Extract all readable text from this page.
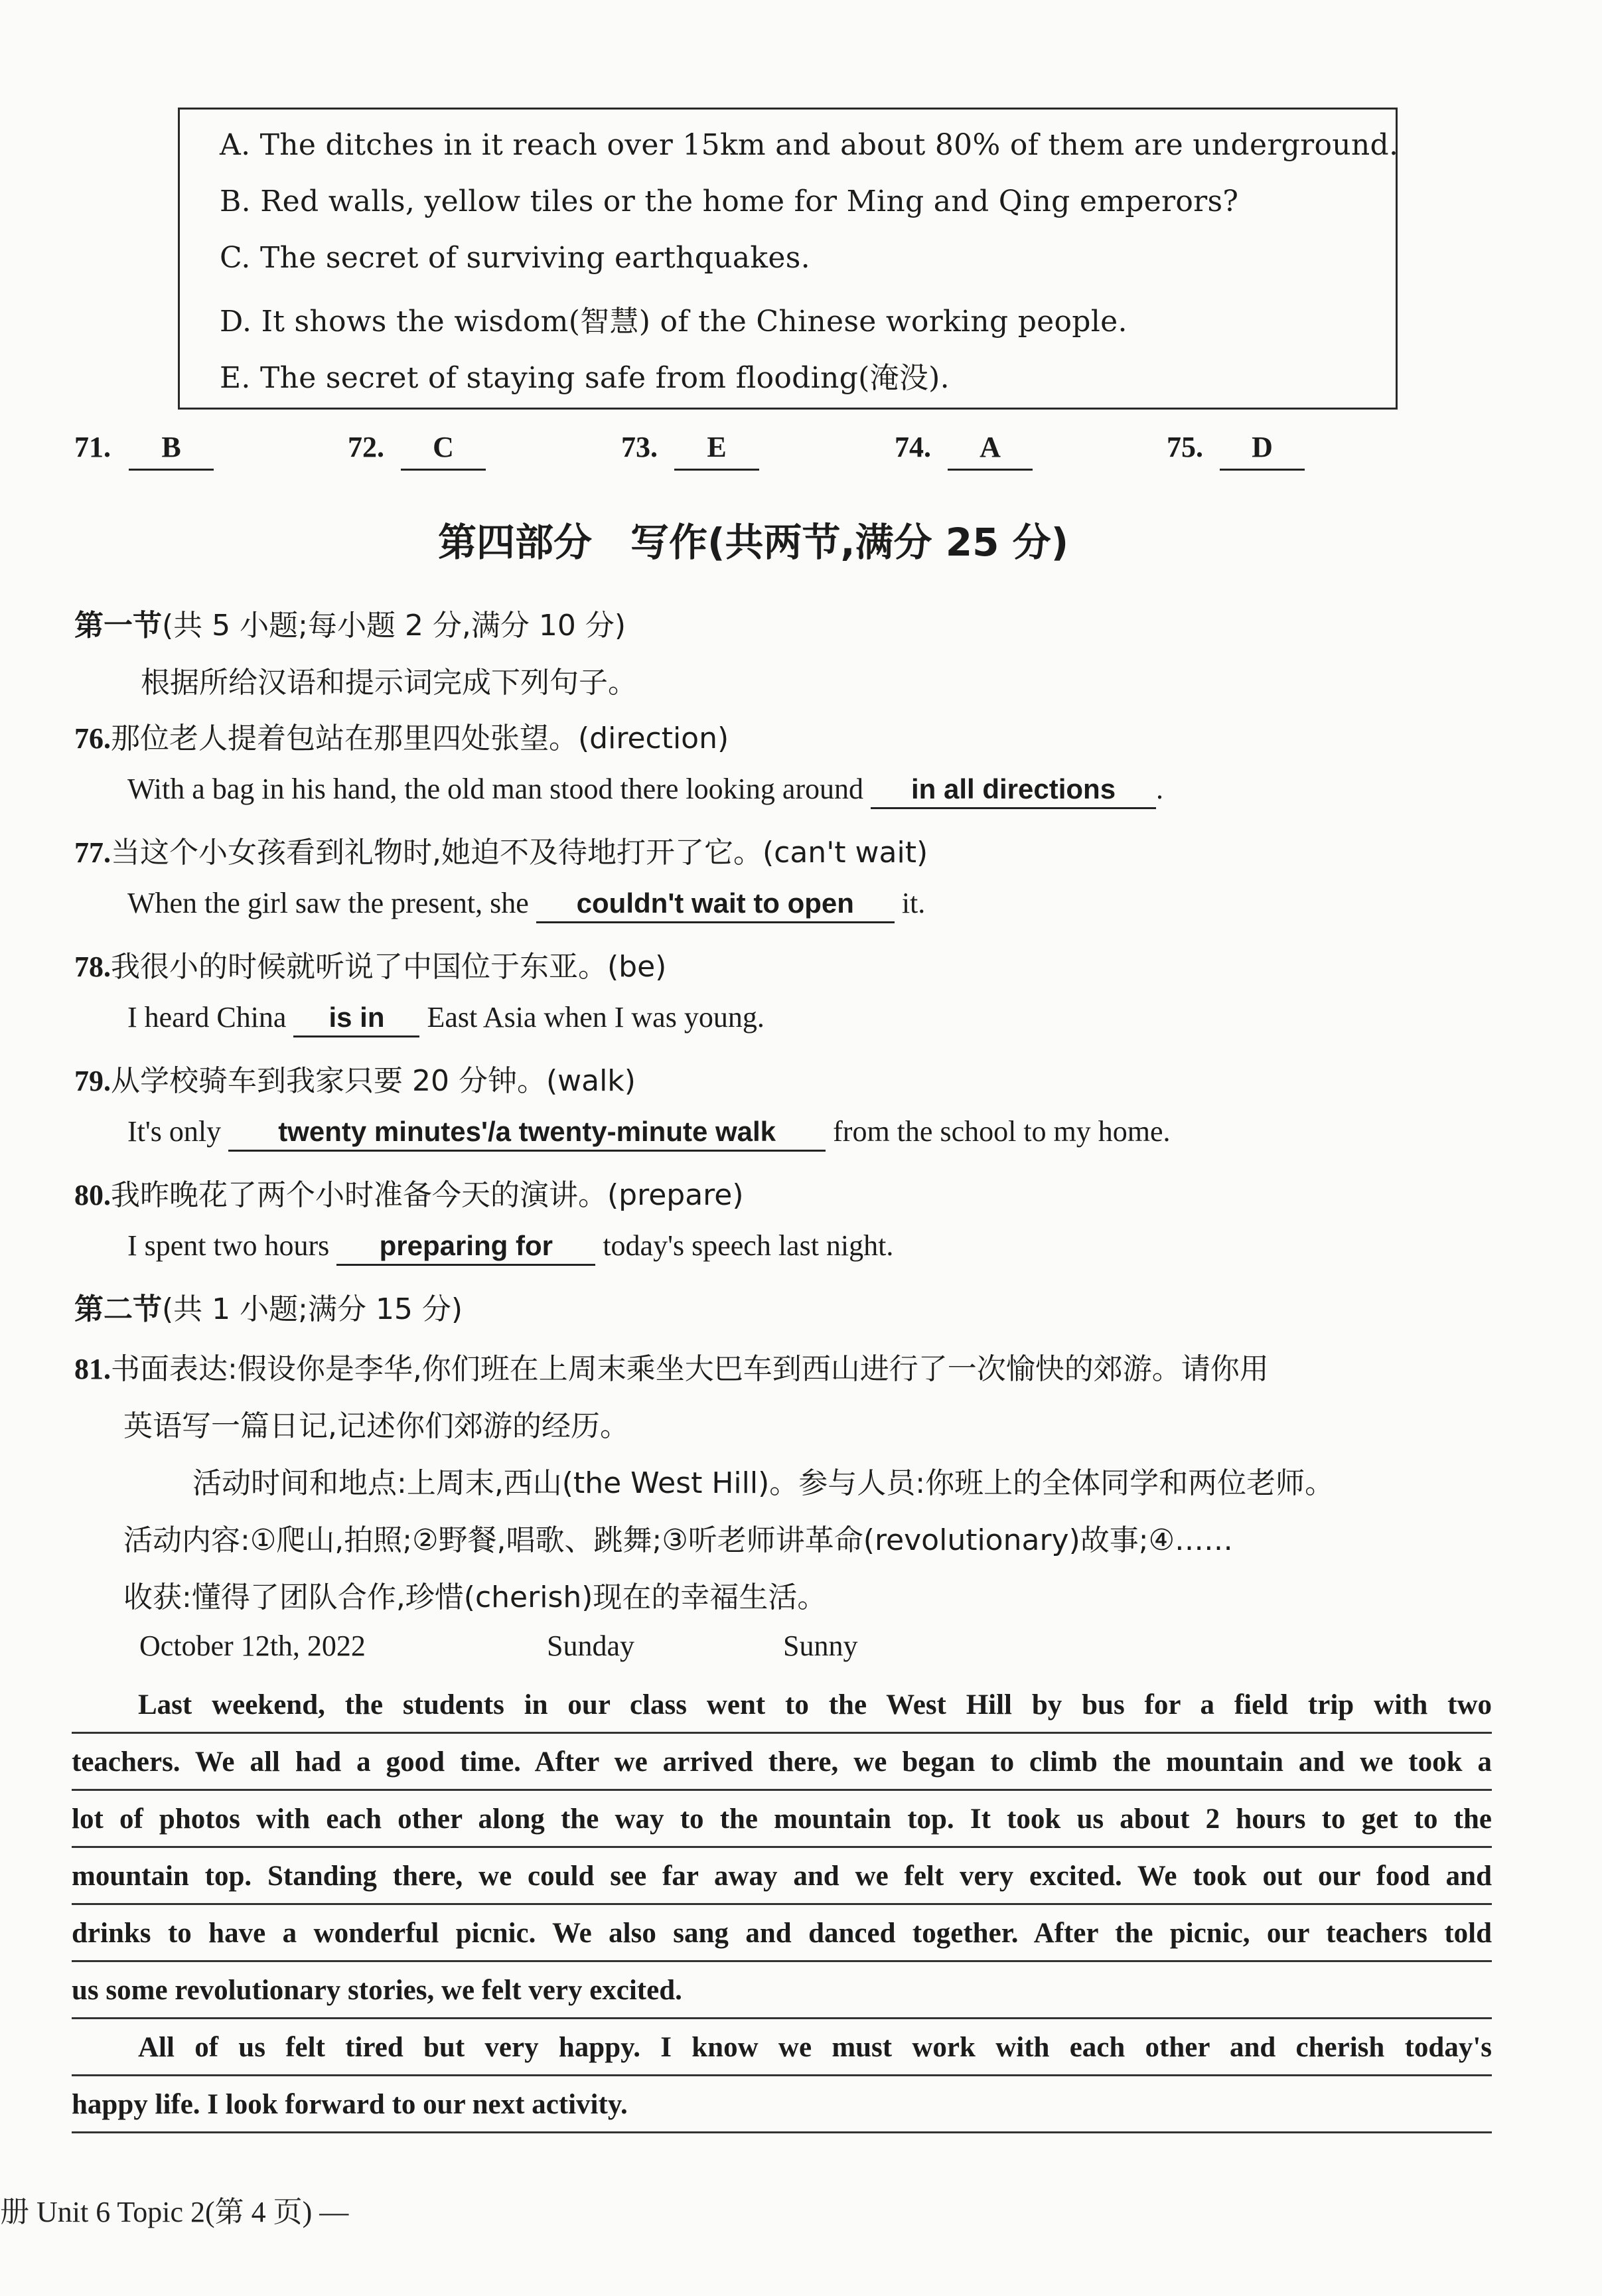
A. The ditches in it reach over 15km and about 80% of them are underground.
B. Red walls, yellow tiles or the home for Ming and Qing emperors?
C. The secret of surviving earthquakes.
D. It shows the wisdom(智慧) of the Chinese working people.
E. The secret of staying safe from flooding(淹没).
71.	B	72.	C	73.	E	74.	A	75.	D
第四部分　写作(共两节,满分 25 分)
第一节(共 5 小题;每小题 2 分,满分 10 分)
根据所给汉语和提示词完成下列句子。
76.那位老人提着包站在那里四处张望。(direction)
With a bag in his hand, the old man stood there looking around in all directions .
77.当这个小女孩看到礼物时,她迫不及待地打开了它。(can't wait)
When the girl saw the present, she couldn't wait to open it.
78.我很小的时候就听说了中国位于东亚。(be)
I heard China is in East Asia when I was young.
79.从学校骑车到我家只要 20 分钟。(walk)
It's only twenty minutes'/a twenty-minute walk from the school to my home.
80.我昨晚花了两个小时准备今天的演讲。(prepare)
I spent two hours preparing for today's speech last night.
第二节(共 1 小题;满分 15 分)
81.书面表达:假设你是李华,你们班在上周末乘坐大巴车到西山进行了一次愉快的郊游。请你用
英语写一篇日记,记述你们郊游的经历。
活动时间和地点:上周末,西山(the West Hill)。参与人员:你班上的全体同学和两位老师。
活动内容:①爬山,拍照;②野餐,唱歌、跳舞;③听老师讲革命(revolutionary)故事;④……
收获:懂得了团队合作,珍惜(cherish)现在的幸福生活。
October 12th, 2022	Sunday	Sunny
Last weekend, the students in our class went to the West Hill by bus for a field trip with two
teachers. We all had a good time. After we arrived there, we began to climb the mountain and we took a
lot of photos with each other along the way to the mountain top. It took us about 2 hours to get to the
mountain top. Standing there, we could see far away and we felt very excited. We took out our food and
drinks to have a wonderful picnic. We also sang and danced together. After the picnic, our teachers told
us some revolutionary stories, we felt very excited.
All of us felt tired but very happy. I know we must work with each other and cherish today's
happy life. I look forward to our next activity.
册 Unit 6 Topic 2(第 4 页) —
